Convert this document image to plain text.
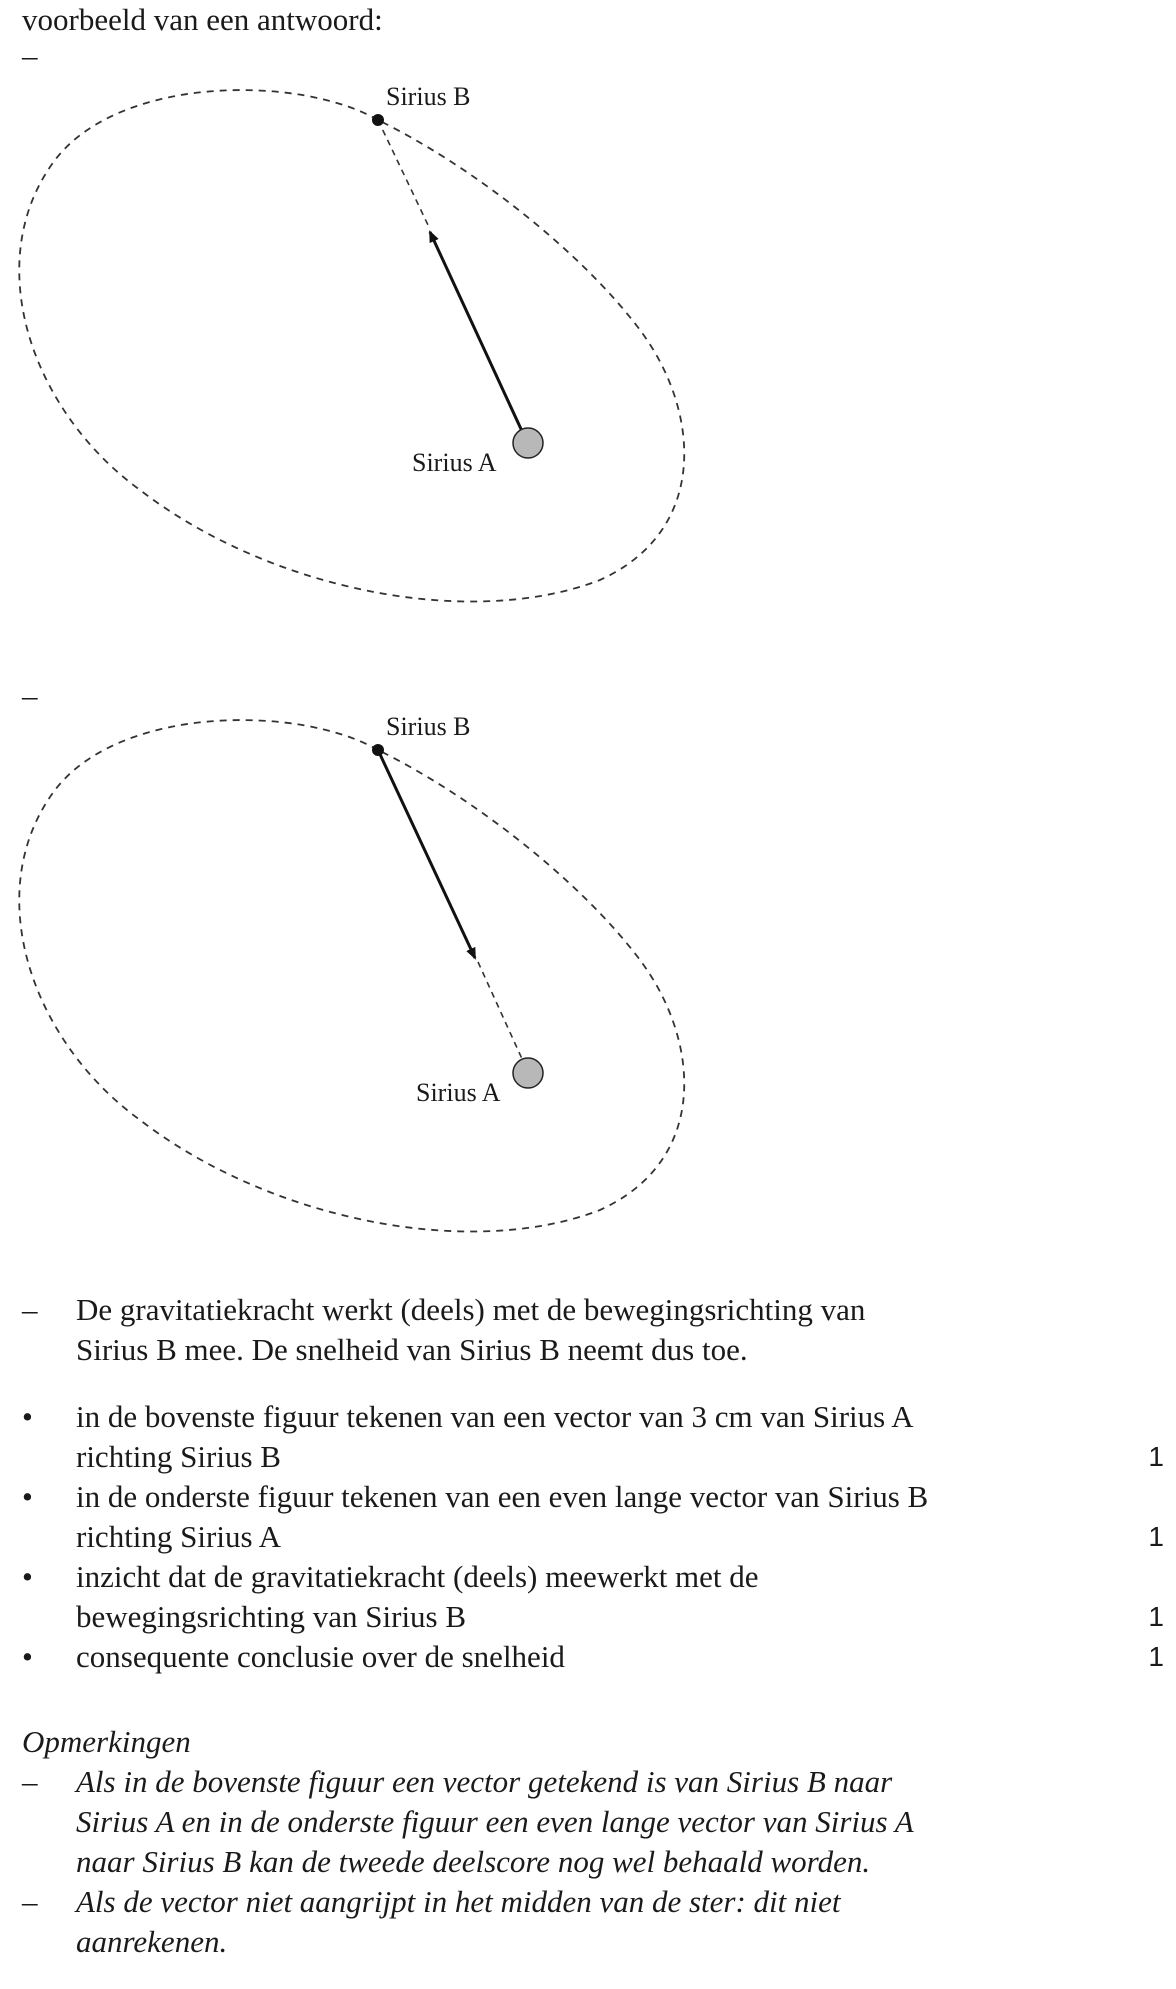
voorbeeld van een antwoord:
–
Sirius B
Sirius A
–
Sirius B
Sirius A
– De gravitatiekracht werkt (deels) met de bewegingsrichting van
Sirius B mee. De snelheid van Sirius B neemt dus toe.
• in de bovenste figuur tekenen van een vector van 3 cm van Sirius A
richting Sirius B	1
• in de onderste figuur tekenen van een even lange vector van Sirius B
richting Sirius A	1
• inzicht dat de gravitatiekracht (deels) meewerkt met de
bewegingsrichting van Sirius B	1
• consequente conclusie over de snelheid	1
Opmerkingen
– Als in de bovenste figuur een vector getekend is van Sirius B naar
Sirius A en in de onderste figuur een even lange vector van Sirius A
naar Sirius B kan de tweede deelscore nog wel behaald worden.
– Als de vector niet aangrijpt in het midden van de ster: dit niet
aanrekenen.
